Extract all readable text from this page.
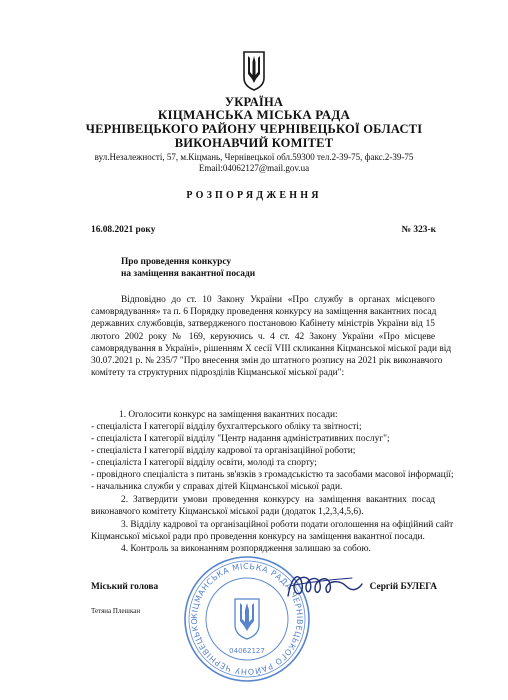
УКРАЇНА
КІЦМАНСЬКА МІСЬКА РАДА
ЧЕРНІВЕЦЬКОГО РАЙОНУ ЧЕРНІВЕЦЬКОЇ ОБЛАСТІ
ВИКОНАВЧИЙ КОМІТЕТ
вул.Незалежності, 57, м.Кіцмань, Чернівецької обл.59300 тел.2-39-75, факс.2-39-75
Email:04062127@mail.gov.ua
РОЗПОРЯДЖЕННЯ
16.08.2021 року	№ 323-к
Про проведення конкурсу
на заміщення вакантної посади
Відповідно до ст. 10 Закону України «Про службу в органах місцевого
самоврядування» та п. 6 Порядку проведення конкурсу на заміщення вакантних посад
державних службовців, затвердженого постановою Кабінету міністрів України від 15
лютого 2002 року № 169, керуючись ч. 4 ст. 42 Закону України «Про місцеве
самоврядування в Україні», рішенням Х сесії VIII скликання Кіцманської міської ради від
30.07.2021 р. № 235/7 "Про внесення змін до штатного розпису на 2021 рік виконавчого
комітету та структурних підрозділів Кіцманської міської ради":
1. Оголосити конкурс на заміщення вакантних посади:
- спеціаліста І категорії відділу бухгалтерського обліку та звітності;
- спеціаліста І категорії відділу "Центр надання адміністративних послуг";
- спеціаліста І категорії відділу кадрової та організаційної роботи;
- спеціаліста І категорії відділу освіти, молоді та спорту;
- провідного спеціаліста з питань зв'язків з громадськістю та засобами масової інформації;
- начальника служби у справах дітей Кіцманської міської ради.
2. Затвердити умови проведення конкурсу на заміщення вакантних посад
виконавчого комітету Кіцманської міської ради (додаток 1,2,3,4,5,6).
3. Відділу кадрової та організаційної роботи подати оголошення на офіційний сайт
Кіцманської міської ради про проведення конкурсу на заміщення вакантної посади.
4. Контроль за виконанням розпорядження залишаю за собою.
КІЦМАНСЬКА МІСЬКА РАДА ЧЕРНІВЕЦЬКОГО РАЙОНУ ЧЕРНІВЕЦЬКО
04062127
Міський голова	Сергій БУЛЕГА
Тетяна Плешкан
